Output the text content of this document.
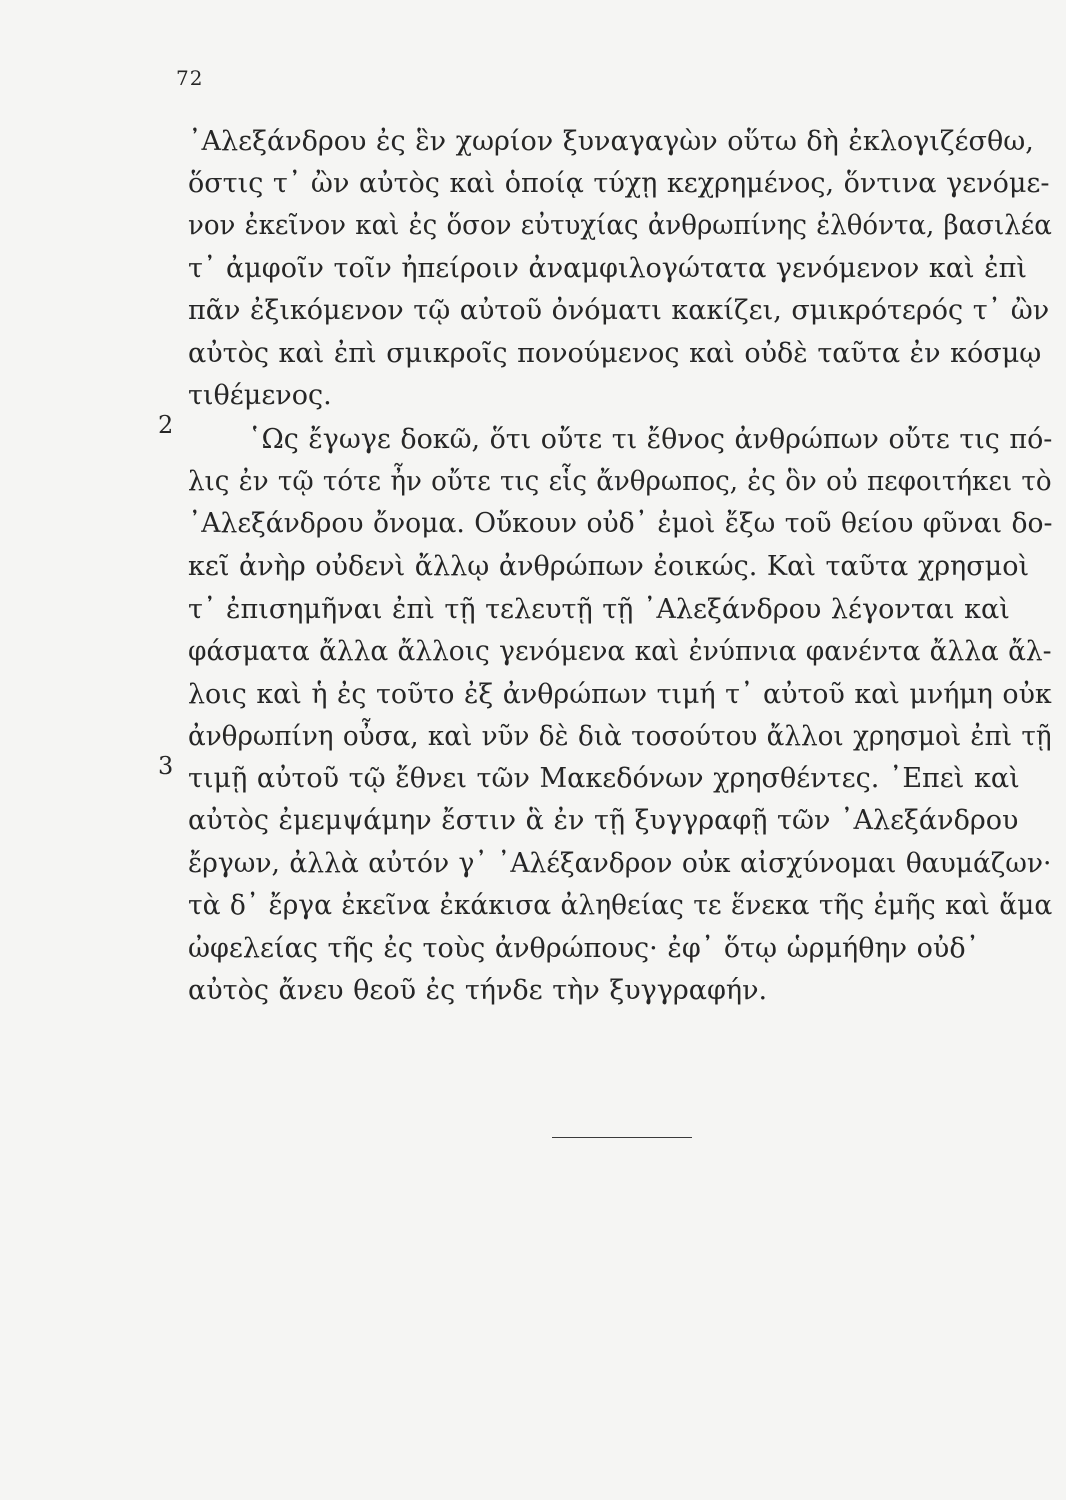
72
2
3
᾿Αλεξάνδρου ἐς ἓν χωρίον ξυναγαγὼν οὕτω δὴ ἐκλογιζέσθω,
ὅστις τ᾿ ὢν αὐτὸς καὶ ὁποίᾳ τύχῃ κεχρημένος, ὅντινα γενόμε-
νον ἐκεῖνον καὶ ἐς ὅσον εὐτυχίας ἀνθρωπίνης ἐλθόντα, βασιλέα
τ᾿ ἀμφοῖν τοῖν ἠπείροιν ἀναμφιλογώτατα γενόμενον καὶ ἐπὶ
πᾶν ἐξικόμενον τῷ αὐτοῦ ὀνόματι κακίζει, σμικρότερός τ᾿ ὢν
αὐτὸς καὶ ἐπὶ σμικροῖς πονούμενος καὶ οὐδὲ ταῦτα ἐν κόσμῳ
τιθέμενος.
῾Ως ἔγωγε δοκῶ, ὅτι οὔτε τι ἔθνος ἀνθρώπων οὔτε τις πό-
λις ἐν τῷ τότε ἦν οὔτε τις εἷς ἄνθρωπος, ἐς ὃν οὐ πεφοιτήκει τὸ
᾿Αλεξάνδρου ὄνομα. Οὔκουν οὐδ᾿ ἐμοὶ ἔξω τοῦ θείου φῦναι δο-
κεῖ ἀνὴρ οὐδενὶ ἄλλῳ ἀνθρώπων ἐοικώς. Καὶ ταῦτα χρησμοὶ
τ᾿ ἐπισημῆναι ἐπὶ τῇ τελευτῇ τῇ ᾿Αλεξάνδρου λέγονται καὶ
φάσματα ἄλλα ἄλλοις γενόμενα καὶ ἐνύπνια φανέντα ἄλλα ἄλ-
λοις καὶ ἡ ἐς τοῦτο ἐξ ἀνθρώπων τιμή τ᾿ αὐτοῦ καὶ μνήμη οὐκ
ἀνθρωπίνη οὖσα, καὶ νῦν δὲ διὰ τοσούτου ἄλλοι χρησμοὶ ἐπὶ τῇ
τιμῇ αὐτοῦ τῷ ἔθνει τῶν Μακεδόνων χρησθέντες. ᾿Επεὶ καὶ
αὐτὸς ἐμεμψάμην ἔστιν ἃ ἐν τῇ ξυγγραφῇ τῶν ᾿Αλεξάνδρου
ἔργων, ἀλλὰ αὐτόν γ᾿ ᾿Αλέξανδρον οὐκ αἰσχύνομαι θαυμάζων·
τὰ δ᾿ ἔργα ἐκεῖνα ἐκάκισα ἀληθείας τε ἕνεκα τῆς ἐμῆς καὶ ἅμα
ὠφελείας τῆς ἐς τοὺς ἀνθρώπους· ἐφ᾿ ὅτῳ ὡρμήθην οὐδ᾿
αὐτὸς ἄνευ θεοῦ ἐς τήνδε τὴν ξυγγραφήν.
